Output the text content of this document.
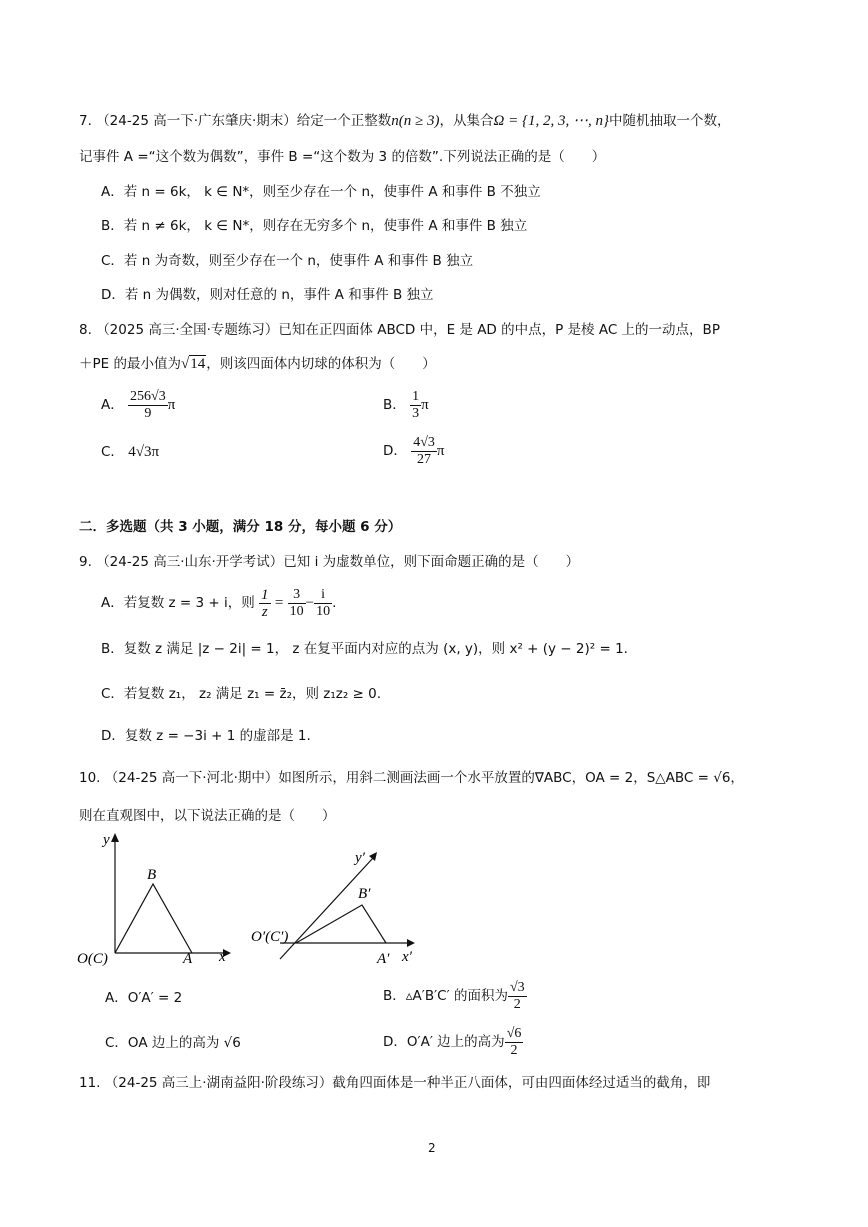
7. （24-25 高一下·广东肇庆·期末）给定一个正整数n(n ≥ 3)，从集合Ω = {1, 2, 3, ⋯, n}中随机抽取一个数，
记事件 A =“这个数为偶数”，事件 B =“这个数为 3 的倍数”.下列说法正确的是（　　）
A．若 n = 6k， k ∈ N*，则至少存在一个 n，使事件 A 和事件 B 不独立
B．若 n ≠ 6k， k ∈ N*，则存在无穷多个 n，使事件 A 和事件 B 独立
C．若 n 为奇数，则至少存在一个 n，使事件 A 和事件 B 独立
D．若 n 为偶数，则对任意的 n，事件 A 和事件 B 独立
8. （2025 高三·全国·专题练习）已知在正四面体 ABCD 中，E 是 AD 的中点，P 是棱 AC 上的一动点，BP
＋PE 的最小值为√14，则该四面体内切球的体积为（　　）
A． $\frac{256√3}{9}$ π	B． $\frac{1}{3}$ π
C． 4√3π	D． $\frac{4√3}{27}$ π
二．多选题（共 3 小题，满分 18 分，每小题 6 分）
9. （24-25 高三·山东·开学考试）已知 i 为虚数单位，则下面命题正确的是（　　）
A．若复数 z = 3 + i，则 $\frac{1}{z} = \frac{3}{10} - \frac{i}{10}$ .
B．复数 z 满足 |z − 2i| = 1， z 在复平面内对应的点为 (x, y)，则 x² + (y − 2)² = 1.
C．若复数 z₁， z₂ 满足 z₁ = z̄₂，则 z₁z₂ ≥ 0.
D．复数 z = −3i + 1 的虚部是 1.
10. （24-25 高一下·河北·期中）如图所示，用斜二测画法画一个水平放置的∇ABC，OA = 2，S△ABC = √6，
则在直观图中，以下说法正确的是（　　）
y
B
O(C)	A x
y′
B′
O′(C′)
A′ x′
A．O′A′ = 2	B．▵A′B′C′ 的面积为 $\frac{√3}{2}$
C．OA 边上的高为 √6	D．O′A′ 边上的高为 $\frac{√6}{2}$
11. （24-25 高三上·湖南益阳·阶段练习）截角四面体是一种半正八面体，可由四面体经过适当的截角，即
2
